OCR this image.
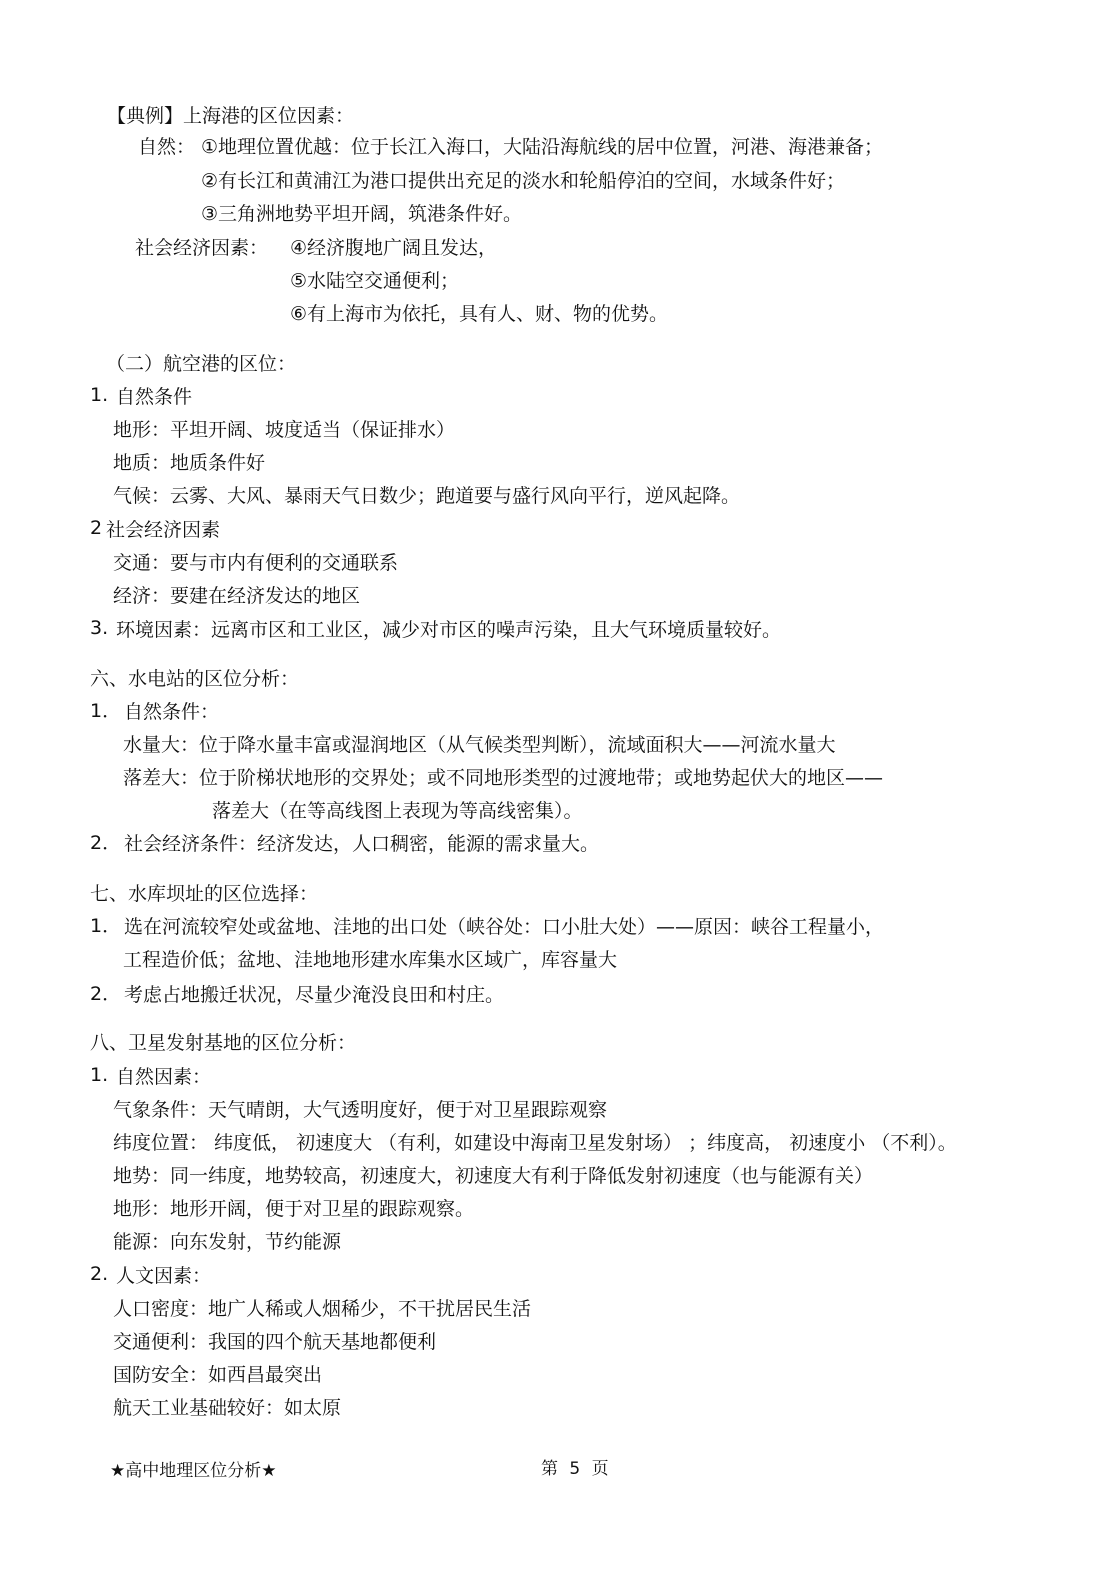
【典例】上海港的区位因素：
自然： ①地理位置优越：位于长江入海口，大陆沿海航线的居中位置，河港、海港兼备；
②有长江和黄浦江为港口提供出充足的淡水和轮船停泊的空间，水域条件好；
③三角洲地势平坦开阔，筑港条件好。
社会经济因素： ④经济腹地广阔且发达，
⑤水陆空交通便利；
⑥有上海市为依托，具有人、财、物的优势。
（二）航空港的区位：
1. 自然条件
地形：平坦开阔、坡度适当（保证排水）
地质：地质条件好
气候：云雾、大风、暴雨天气日数少；跑道要与盛行风向平行，逆风起降。
2 社会经济因素
交通：要与市内有便利的交通联系
经济：要建在经济发达的地区
3. 环境因素：远离市区和工业区，减少对市区的噪声污染，且大气环境质量较好。
六、水电站的区位分析：
1． 自然条件：
水量大：位于降水量丰富或湿润地区（从气候类型判断），流域面积大——河流水量大
落差大：位于阶梯状地形的交界处；或不同地形类型的过渡地带；或地势起伏大的地区——
落差大（在等高线图上表现为等高线密集）。
2． 社会经济条件：经济发达，人口稠密，能源的需求量大。
七、水库坝址的区位选择：
1． 选在河流较窄处或盆地、洼地的出口处（峡谷处：口小肚大处）——原因：峡谷工程量小，
工程造价低；盆地、洼地地形建水库集水区域广，库容量大
2． 考虑占地搬迁状况，尽量少淹没良田和村庄。
八、卫星发射基地的区位分析：
1. 自然因素：
气象条件：天气晴朗，大气透明度好，便于对卫星跟踪观察
纬度位置： 纬度低， 初速度大 （有利，如建设中海南卫星发射场） ；纬度高， 初速度小 （不利）。
地势：同一纬度，地势较高，初速度大，初速度大有利于降低发射初速度（也与能源有关）
地形：地形开阔，便于对卫星的跟踪观察。
能源：向东发射，节约能源
2. 人文因素：
人口密度：地广人稀或人烟稀少，不干扰居民生活
交通便利：我国的四个航天基地都便利
国防安全：如西昌最突出
航天工业基础较好：如太原
★高中地理区位分析★	第 5 页
